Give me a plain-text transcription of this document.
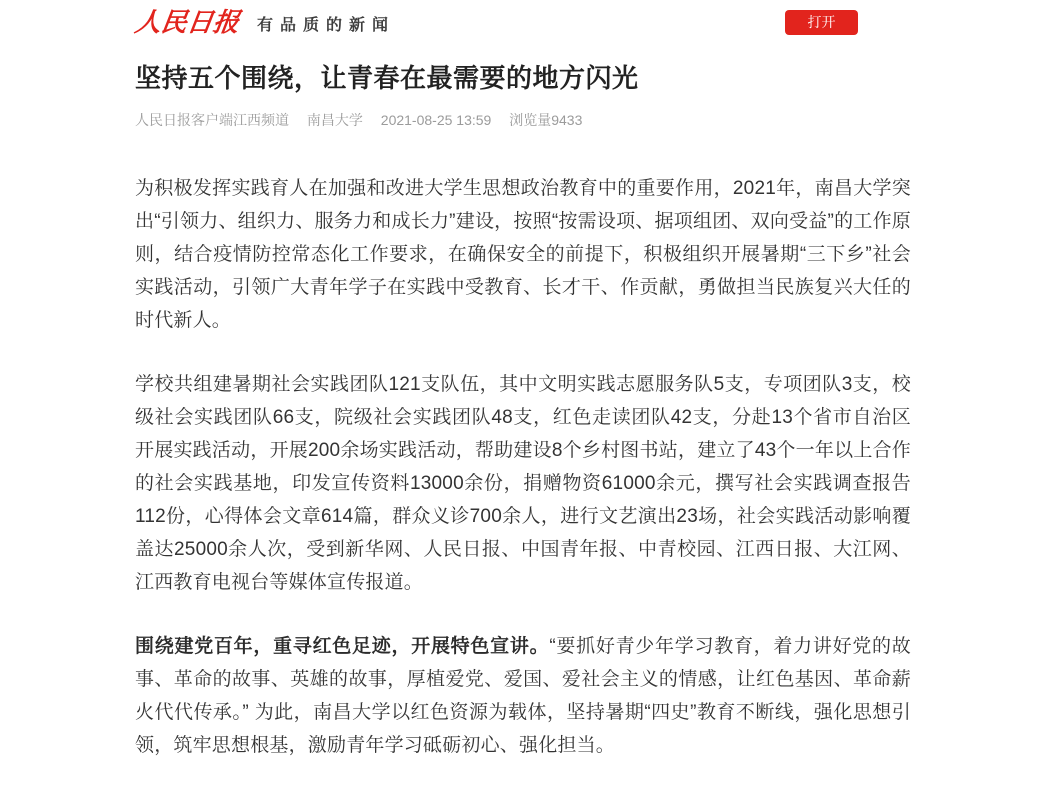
人民日报 有品质的新闻	打开
坚持五个围绕，让青春在最需要的地方闪光
人民日报客户端江西频道 南昌大学 2021-08-25 13:59 浏览量9433

为积极发挥实践育人在加强和改进大学生思想政治教育中的重要作用，2021年，南昌大学突出“引领力、组织力、服务力和成长力”建设，按照“按需设项、据项组团、双向受益”的工作原则，结合疫情防控常态化工作要求，在确保安全的前提下，积极组织开展暑期“三下乡”社会实践活动，引领广大青年学子在实践中受教育、长才干、作贡献，勇做担当民族复兴大任的时代新人。

学校共组建暑期社会实践团队121支队伍，其中文明实践志愿服务队5支，专项团队3支，校级社会实践团队66支，院级社会实践团队48支，红色走读团队42支，分赴13个省市自治区开展实践活动，开展200余场实践活动，帮助建设8个乡村图书站，建立了43个一年以上合作的社会实践基地，印发宣传资料13000余份，捐赠物资61000余元，撰写社会实践调查报告112份，心得体会文章614篇，群众义诊700余人，进行文艺演出23场，社会实践活动影响覆盖达25000余人次，受到新华网、人民日报、中国青年报、中青校园、江西日报、大江网、江西教育电视台等媒体宣传报道。

围绕建党百年，重寻红色足迹，开展特色宣讲。“要抓好青少年学习教育，着力讲好党的故事、革命的故事、英雄的故事，厚植爱党、爱国、爱社会主义的情感，让红色基因、革命薪火代代传承。” 为此，南昌大学以红色资源为载体，坚持暑期“四史”教育不断线，强化思想引领，筑牢思想根基，激励青年学习砥砺初心、强化担当。
